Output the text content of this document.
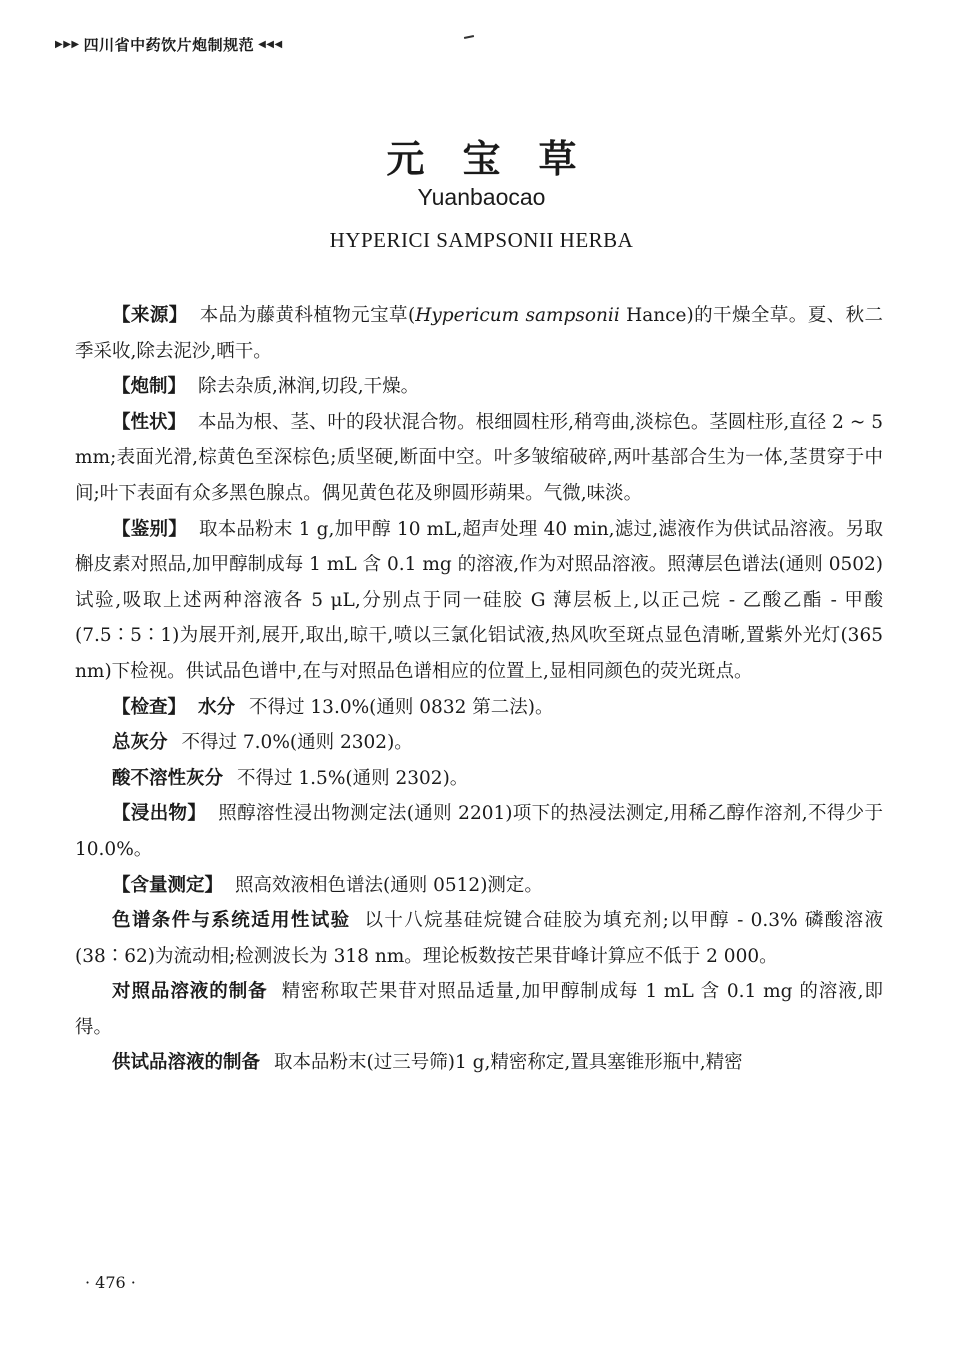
▶▶▶ 四川省中药饮片炮制规范 ◀◀◀
元宝草
Yuanbaocao
HYPERICI SAMPSONII HERBA

【来源】 本品为藤黄科植物元宝草(Hypericum sampsonii Hance)的干燥全草。夏、秋二季采收,除去泥沙,晒干。

【炮制】 除去杂质,淋润,切段,干燥。

【性状】 本品为根、茎、叶的段状混合物。根细圆柱形,稍弯曲,淡棕色。茎圆柱形,直径 2 ~ 5 mm;表面光滑,棕黄色至深棕色;质坚硬,断面中空。叶多皱缩破碎,两叶基部合生为一体,茎贯穿于中间;叶下表面有众多黑色腺点。偶见黄色花及卵圆形蒴果。气微,味淡。

【鉴别】 取本品粉末 1 g,加甲醇 10 mL,超声处理 40 min,滤过,滤液作为供试品溶液。另取槲皮素对照品,加甲醇制成每 1 mL 含 0.1 mg 的溶液,作为对照品溶液。照薄层色谱法(通则 0502)试验,吸取上述两种溶液各 5 μL,分别点于同一硅胶 G 薄层板上,以正己烷 - 乙酸乙酯 - 甲酸(7.5∶5∶1)为展开剂,展开,取出,晾干,喷以三氯化铝试液,热风吹至斑点显色清晰,置紫外光灯(365 nm)下检视。供试品色谱中,在与对照品色谱相应的位置上,显相同颜色的荧光斑点。

【检查】 水分 不得过 13.0%(通则 0832 第二法)。

总灰分 不得过 7.0%(通则 2302)。

酸不溶性灰分 不得过 1.5%(通则 2302)。

【浸出物】 照醇溶性浸出物测定法(通则 2201)项下的热浸法测定,用稀乙醇作溶剂,不得少于 10.0%。

【含量测定】 照高效液相色谱法(通则 0512)测定。

色谱条件与系统适用性试验 以十八烷基硅烷键合硅胶为填充剂;以甲醇 - 0.3% 磷酸溶液(38∶62)为流动相;检测波长为 318 nm。理论板数按芒果苷峰计算应不低于 2 000。

对照品溶液的制备 精密称取芒果苷对照品适量,加甲醇制成每 1 mL 含 0.1 mg 的溶液,即得。

供试品溶液的制备 取本品粉末(过三号筛)1 g,精密称定,置具塞锥形瓶中,精密

· 476 ·
